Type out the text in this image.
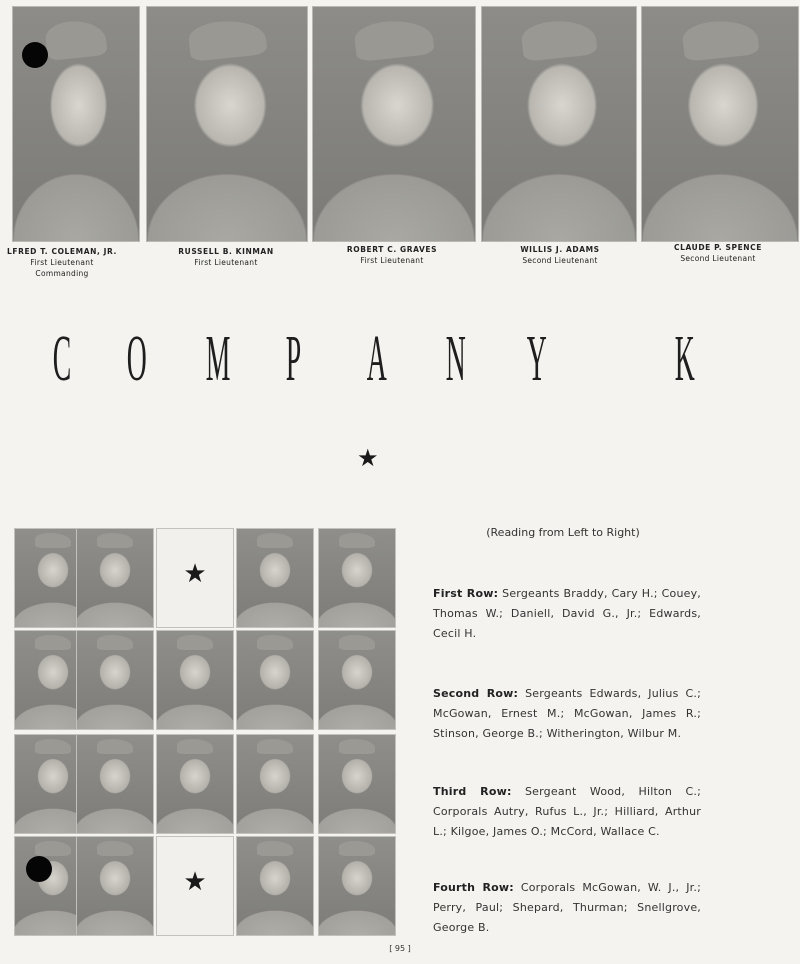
LFRED T. COLEMAN, JR.
First Lieutenant
Commanding
RUSSELL B. KINMAN
First Lieutenant
ROBERT C. GRAVES
First Lieutenant
WILLIS J. ADAMS
Second Lieutenant
CLAUDE P. SPENCE
Second Lieutenant
C O M P A N Y K
★
★
★
(Reading from Left to Right)
First Row: Sergeants Braddy, Cary H.; Couey, Thomas W.; Daniell, David G., Jr.; Edwards, Cecil H.
Second Row: Sergeants Edwards, Julius C.; McGowan, Ernest M.; McGowan, James R.; Stinson, George B.; Witherington, Wilbur M.
Third Row: Sergeant Wood, Hilton C.; Corporals Autry, Rufus L., Jr.; Hilliard, Arthur L.; Kilgoe, James O.; McCord, Wallace C.
Fourth Row: Corporals McGowan, W. J., Jr.; Perry, Paul; Shepard, Thurman; Snellgrove, George B.
[ 95 ]
